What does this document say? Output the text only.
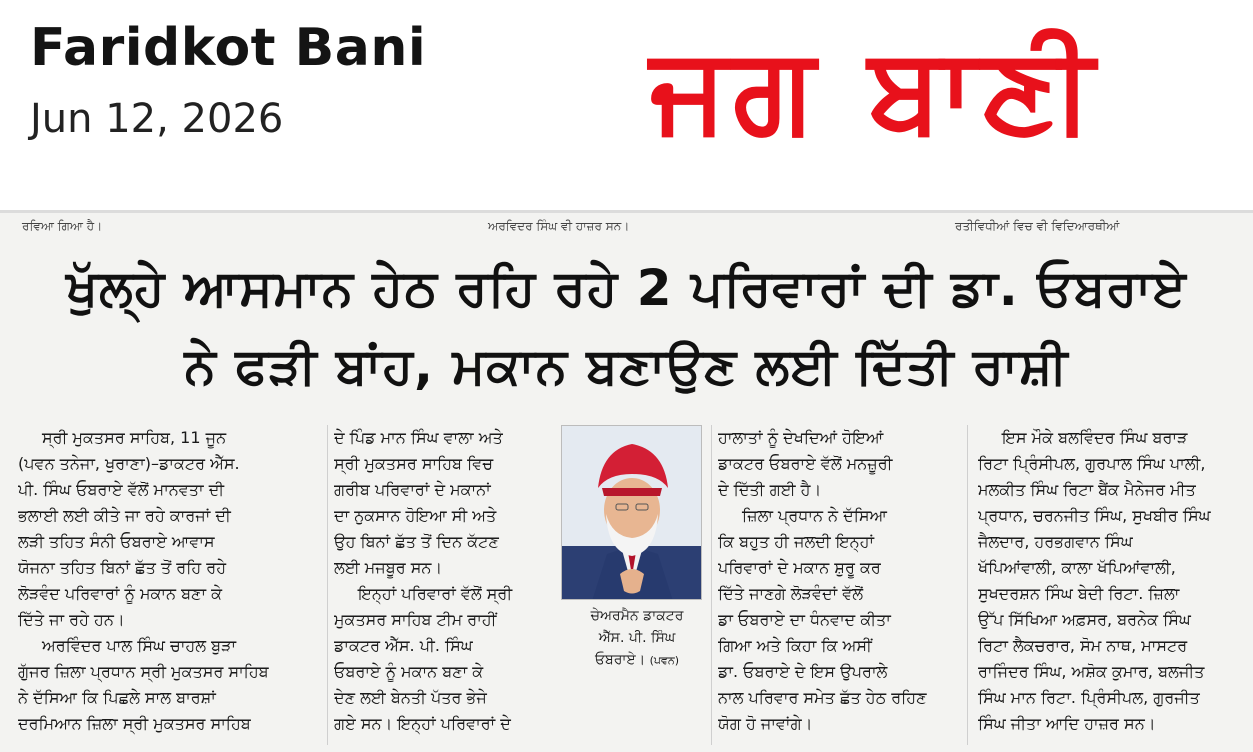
Faridkot Bani
Jun 12, 2026	ਜਗ ਬਾਣੀ
ਰਵਿਆ ਗਿਆ ਹੈ।	ਅਰਵਿਦਰ ਸਿੰਘ ਵੀ ਹਾਜ਼ਰ ਸਨ।	ਰਤੀਵਿਧੀਆਂ ਵਿਚ ਵੀ ਵਿਦਿਆਰਥੀਆਂ
ਖੁੱਲ੍ਹੇ ਆਸਮਾਨ ਹੇਠ ਰਹਿ ਰਹੇ 2 ਪਰਿਵਾਰਾਂ ਦੀ ਡਾ. ਓਬਰਾਏ
ਨੇ ਫੜੀ ਬਾਂਹ, ਮਕਾਨ ਬਣਾਉਣ ਲਈ ਦਿੱਤੀ ਰਾਸ਼ੀ

ਸ੍ਰੀ ਮੁਕਤਸਰ ਸਾਹਿਬ, 11 ਜੂਨ

(ਪਵਨ ਤਨੇਜਾ, ਖੁਰਾਣਾ)–ਡਾਕਟਰ ਐੱਸ.

ਪੀ. ਸਿੰਘ ਓਬਰਾਏ ਵੱਲੋਂ ਮਾਨਵਤਾ ਦੀ

ਭਲਾਈ ਲਈ ਕੀਤੇ ਜਾ ਰਹੇ ਕਾਰਜਾਂ ਦੀ

ਲੜੀ ਤਹਿਤ ਸੰਨੀ ਓਬਰਾਏ ਆਵਾਸ

ਯੋਜਨਾ ਤਹਿਤ ਬਿਨਾਂ ਛੱਤ ਤੋਂ ਰਹਿ ਰਹੇ

ਲੋੜਵੰਦ ਪਰਿਵਾਰਾਂ ਨੂੰ ਮਕਾਨ ਬਣਾ ਕੇ

ਦਿੱਤੇ ਜਾ ਰਹੇ ਹਨ।

ਅਰਵਿੰਦਰ ਪਾਲ ਸਿੰਘ ਚਾਹਲ ਬੁੜਾ

ਗੁੱਜਰ ਜ਼ਿਲਾ ਪ੍ਰਧਾਨ ਸ੍ਰੀ ਮੁਕਤਸਰ ਸਾਹਿਬ

ਨੇ ਦੱਸਿਆ ਕਿ ਪਿਛਲੇ ਸਾਲ ਬਾਰਸ਼ਾਂ

ਦਰਮਿਆਨ ਜ਼ਿਲਾ ਸ੍ਰੀ ਮੁਕਤਸਰ ਸਾਹਿਬ

ਦੇ ਪਿੰਡ ਮਾਨ ਸਿੰਘ ਵਾਲਾ ਅਤੇ

ਸ੍ਰੀ ਮੁਕਤਸਰ ਸਾਹਿਬ ਵਿਚ

ਗਰੀਬ ਪਰਿਵਾਰਾਂ ਦੇ ਮਕਾਨਾਂ

ਦਾ ਨੁਕਸਾਨ ਹੋਇਆ ਸੀ ਅਤੇ

ਉਹ ਬਿਨਾਂ ਛੱਤ ਤੋਂ ਦਿਨ ਕੱਟਣ

ਲਈ ਮਜਬੂਰ ਸਨ।

ਇਨ੍ਹਾਂ ਪਰਿਵਾਰਾਂ ਵੱਲੋਂ ਸ੍ਰੀ

ਮੁਕਤਸਰ ਸਾਹਿਬ ਟੀਮ ਰਾਹੀਂ

ਡਾਕਟਰ ਐੱਸ. ਪੀ. ਸਿੰਘ

ਓਬਰਾਏ ਨੂੰ ਮਕਾਨ ਬਣਾ ਕੇ

ਦੇਣ ਲਈ ਬੇਨਤੀ ਪੱਤਰ ਭੇਜੇ

ਗਏ ਸਨ। ਇਨ੍ਹਾਂ ਪਰਿਵਾਰਾਂ ਦੇ

ਚੇਅਰਮੈਨ ਡਾਕਟਰ

ਐੱਸ. ਪੀ. ਸਿੰਘ

ਓਬਰਾਏ। (ਪਵਨ)

ਹਾਲਾਤਾਂ ਨੂੰ ਦੇਖਦਿਆਂ ਹੋਇਆਂ

ਡਾਕਟਰ ਓਬਰਾਏ ਵੱਲੋਂ ਮਨਜ਼ੂਰੀ

ਦੇ ਦਿੱਤੀ ਗਈ ਹੈ।

ਜ਼ਿਲਾ ਪ੍ਰਧਾਨ ਨੇ ਦੱਸਿਆ

ਕਿ ਬਹੁਤ ਹੀ ਜਲਦੀ ਇਨ੍ਹਾਂ

ਪਰਿਵਾਰਾਂ ਦੇ ਮਕਾਨ ਸ਼ੁਰੂ ਕਰ

ਦਿੱਤੇ ਜਾਣਗੇ ਲੋੜਵੰਦਾਂ ਵੱਲੋਂ

ਡਾ ਓਬਰਾਏ ਦਾ ਧੰਨਵਾਦ ਕੀਤਾ

ਗਿਆ ਅਤੇ ਕਿਹਾ ਕਿ ਅਸੀਂ

ਡਾ. ਓਬਰਾਏ ਦੇ ਇਸ ਉਪਰਾਲੇ

ਨਾਲ ਪਰਿਵਾਰ ਸਮੇਤ ਛੱਤ ਹੇਠ ਰਹਿਣ

ਯੋਗ ਹੋ ਜਾਵਾਂਗੇ।

ਇਸ ਮੌਕੇ ਬਲਵਿੰਦਰ ਸਿੰਘ ਬਰਾੜ

ਰਿਟਾ ਪ੍ਰਿੰਸੀਪਲ, ਗੁਰਪਾਲ ਸਿੰਘ ਪਾਲੀ,

ਮਲਕੀਤ ਸਿੰਘ ਰਿਟਾ ਬੈਂਕ ਮੈਨੇਜਰ ਮੀਤ

ਪ੍ਰਧਾਨ, ਚਰਨਜੀਤ ਸਿੰਘ, ਸੁਖਬੀਰ ਸਿੰਘ

ਜੈਲਦਾਰ, ਹਰਭਗਵਾਨ ਸਿੰਘ

ਖੱਪਿਆਂਵਾਲੀ, ਕਾਲਾ ਖੱਪਿਆਂਵਾਲੀ,

ਸੁਖਦਰਸ਼ਨ ਸਿੰਘ ਬੇਦੀ ਰਿਟਾ. ਜ਼ਿਲਾ

ਉੱਪ ਸਿੱਖਿਆ ਅਫ਼ਸਰ, ਬਰਨੇਕ ਸਿੰਘ

ਰਿਟਾ ਲੈਕਚਰਾਰ, ਸੋਮ ਨਾਥ, ਮਾਸਟਰ

ਰਾਜਿੰਦਰ ਸਿੰਘ, ਅਸ਼ੋਕ ਕੁਮਾਰ, ਬਲਜੀਤ

ਸਿੰਘ ਮਾਨ ਰਿਟਾ. ਪ੍ਰਿੰਸੀਪਲ, ਗੁਰਜੀਤ

ਸਿੰਘ ਜੀਤਾ ਆਦਿ ਹਾਜ਼ਰ ਸਨ।
